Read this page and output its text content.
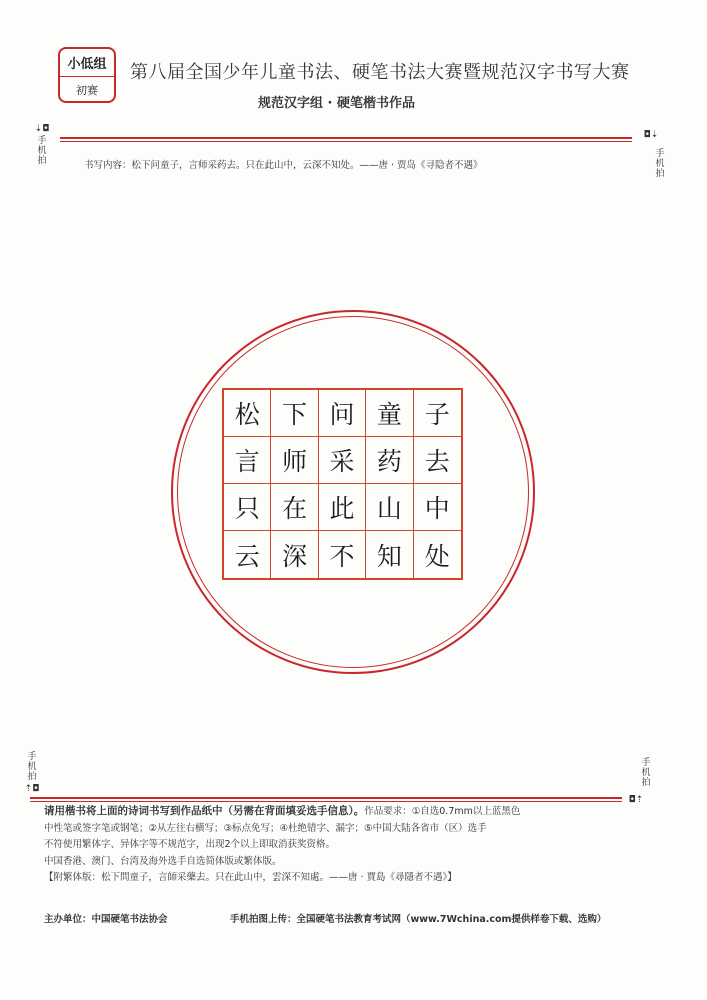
小低组
初赛
第八届全国少年儿童书法、硬笔书法大赛暨规范汉字书写大赛
规范汉字组 · 硬笔楷书作品
⇣◘
手机拍
◘⇣
手机拍
书写内容：松下问童子，言师采药去。只在此山中，云深不知处。——唐 · 贾岛《寻隐者不遇》
松 下 问 童 子
言 师 采 药 去
只 在 此 山 中
云 深 不 知 处
手机拍
⇡◘
手机拍
◘⇡
请用楷书将上面的诗词书写到作品纸中（另需在背面填妥选手信息）。作品要求：①自选0.7mm以上蓝黑色
中性笔或签字笔或钢笔；②从左往右横写；③标点免写；④杜绝错字、漏字；⑤中国大陆各省市（区）选手
不符使用繁体字、异体字等不规范字，出现2个以上即取消获奖资格。
中国香港、澳门、台湾及海外选手自选简体版或繁体版。
【附繁体版：松下問童子，言師采藥去。只在此山中，雲深不知處。——唐 · 賈島《尋隱者不遇》】
主办单位：中国硬笔书法协会	手机拍图上传：全国硬笔书法教育考试网（www.7Wchina.com提供样卷下载、选购）
